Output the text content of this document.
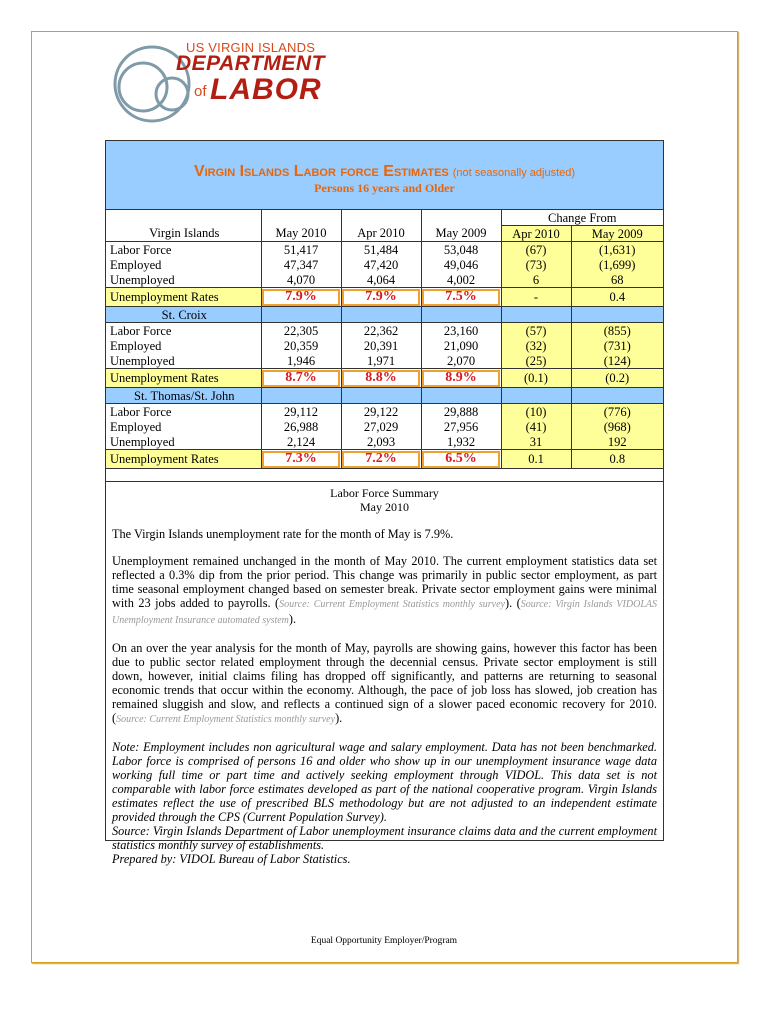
US VIRGIN ISLANDS
DEPARTMENT
of LABOR
Virgin Islands Labor force Estimates (not seasonally adjusted)
Persons 16 years and Older
				Change From	
Virgin Islands	May 2010	Apr 2010	May 2009	Apr 2010	May 2009
Labor Force	51,417	51,484	53,048	(67)	(1,631)
Employed	47,347	47,420	49,046	(73)	(1,699)
Unemployed	4,070	4,064	4,002	6	68
Unemployment Rates	7.9%	7.9%	7.5%	-	0.4
St. Croix					
Labor Force	22,305	22,362	23,160	(57)	(855)
Employed	20,359	20,391	21,090	(32)	(731)
Unemployed	1,946	1,971	2,070	(25)	(124)
Unemployment Rates	8.7%	8.8%	8.9%	(0.1)	(0.2)
St. Thomas/St. John					
Labor Force	29,112	29,122	29,888	(10)	(776)
Employed	26,988	27,029	27,956	(41)	(968)
Unemployed	2,124	2,093	1,932	31	192
Unemployment Rates	7.3%	7.2%	6.5%	0.1	0.8
Labor Force Summary
May 2010

The Virgin Islands unemployment rate for the month of May is 7.9%.

Unemployment remained unchanged in the month of May 2010. The current employment statistics data set reflected a 0.3% dip from the prior period. This change was primarily in public sector employment, as part time seasonal employment changed based on semester break. Private sector employment gains were minimal with 23 jobs added to payrolls. (Source: Current Employment Statistics monthly survey). (Source: Virgin Islands VIDOLAS Unemployment Insurance automated system).

On an over the year analysis for the month of May, payrolls are showing gains, however this factor has been due to public sector related employment through the decennial census. Private sector employment is still down, however, initial claims filing has dropped off significantly, and patterns are returning to seasonal economic trends that occur within the economy. Although, the pace of job loss has slowed, job creation has remained sluggish and slow, and reflects a continued sign of a slower paced economic recovery for 2010. (Source: Current Employment Statistics monthly survey).

Note: Employment includes non agricultural wage and salary employment. Data has not been benchmarked. Labor force is comprised of persons 16 and older who show up in our unemployment insurance wage data working full time or part time and actively seeking employment through VIDOL. This data set is not comparable with labor force estimates developed as part of the national cooperative program. Virgin Islands estimates reflect the use of prescribed BLS methodology but are not adjusted to an independent estimate provided through the CPS (Current Population Survey).

Source: Virgin Islands Department of Labor unemployment insurance claims data and the current employment statistics monthly survey of establishments.

Prepared by: VIDOL Bureau of Labor Statistics.

Equal Opportunity Employer/Program
